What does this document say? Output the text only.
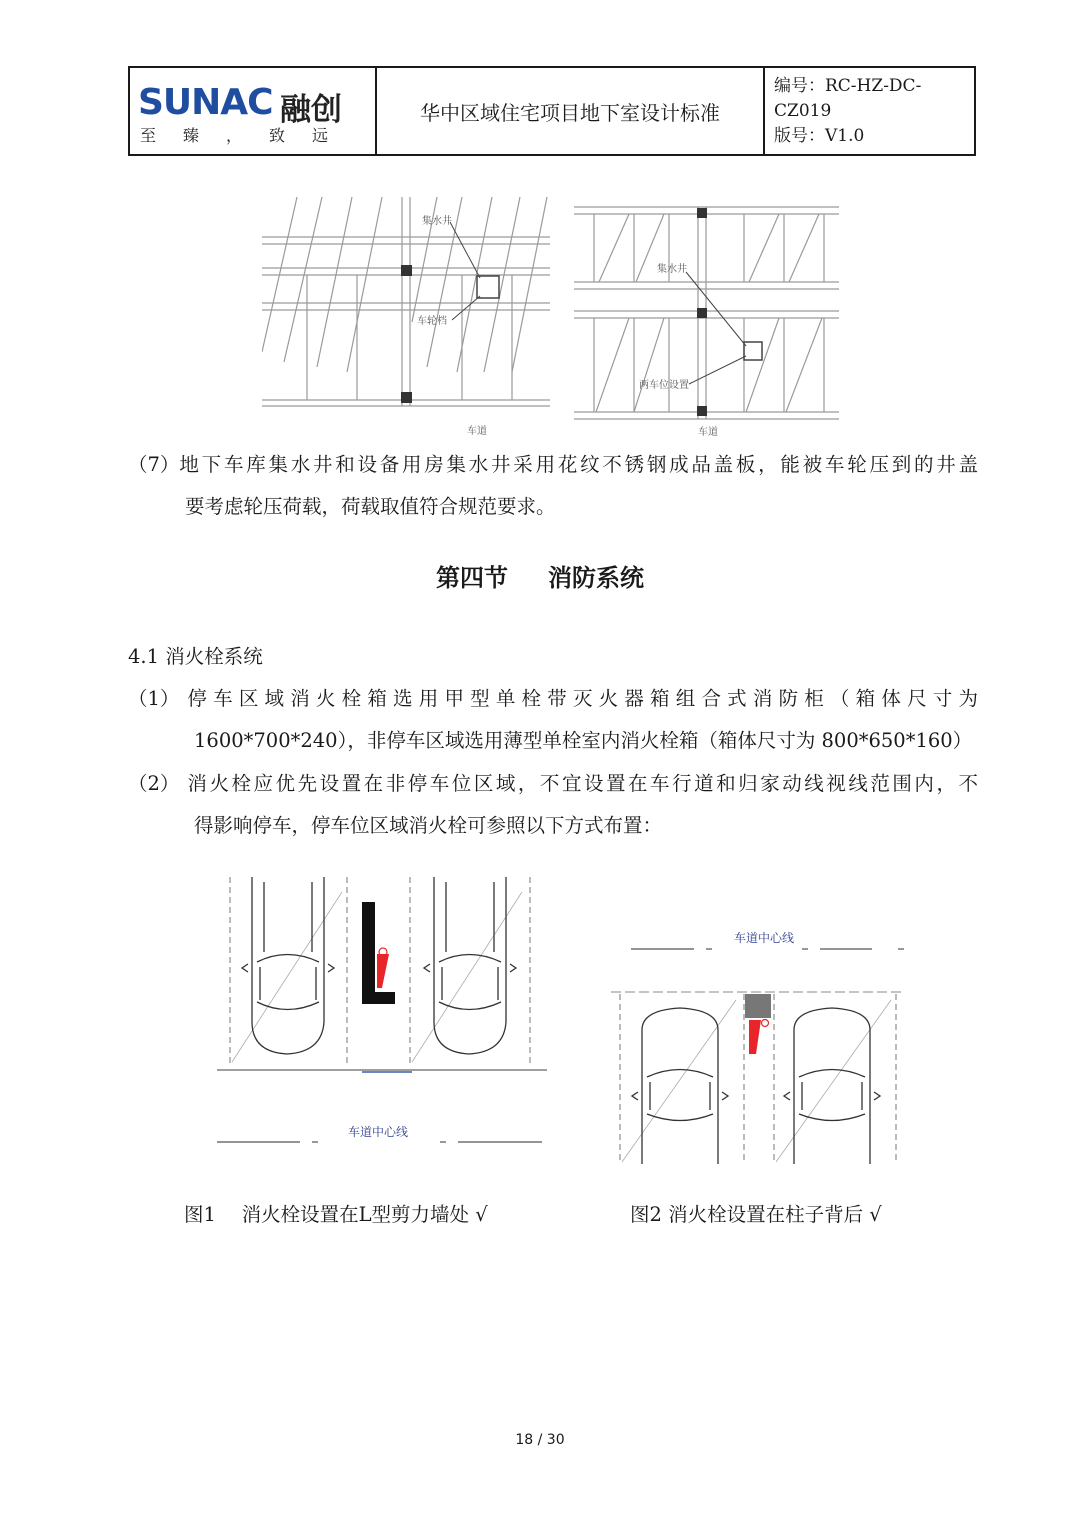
SUNAC 融创
至臻，致远
华中区域住宅项目地下室设计标准
编号：RC-HZ-DC-CZ019
版号：V1.0
集水井
车轮档
车道
集水井
两车位设置
车道
（7） 地下车库集水井和设备用房集水井采用花纹不锈钢成品盖板，能被车轮压到的井盖
要考虑轮压荷载，荷载取值符合规范要求。
第四节 消防系统
4.1 消火栓系统
（1） 停车区域消火栓箱选用甲型单栓带灭火器箱组合式消防柜（箱体尺寸为
1600*700*240），非停车区域选用薄型单栓室内消火栓箱（箱体尺寸为 800*650*160）
（2） 消火栓应优先设置在非停车位区域，不宜设置在车行道和归家动线视线范围内，不
得影响停车，停车位区域消火栓可参照以下方式布置：
车道中心线
车道中心线
图1　 消火栓设置在L型剪力墙处 √	图2 消火栓设置在柱子背后 √
18 / 30
